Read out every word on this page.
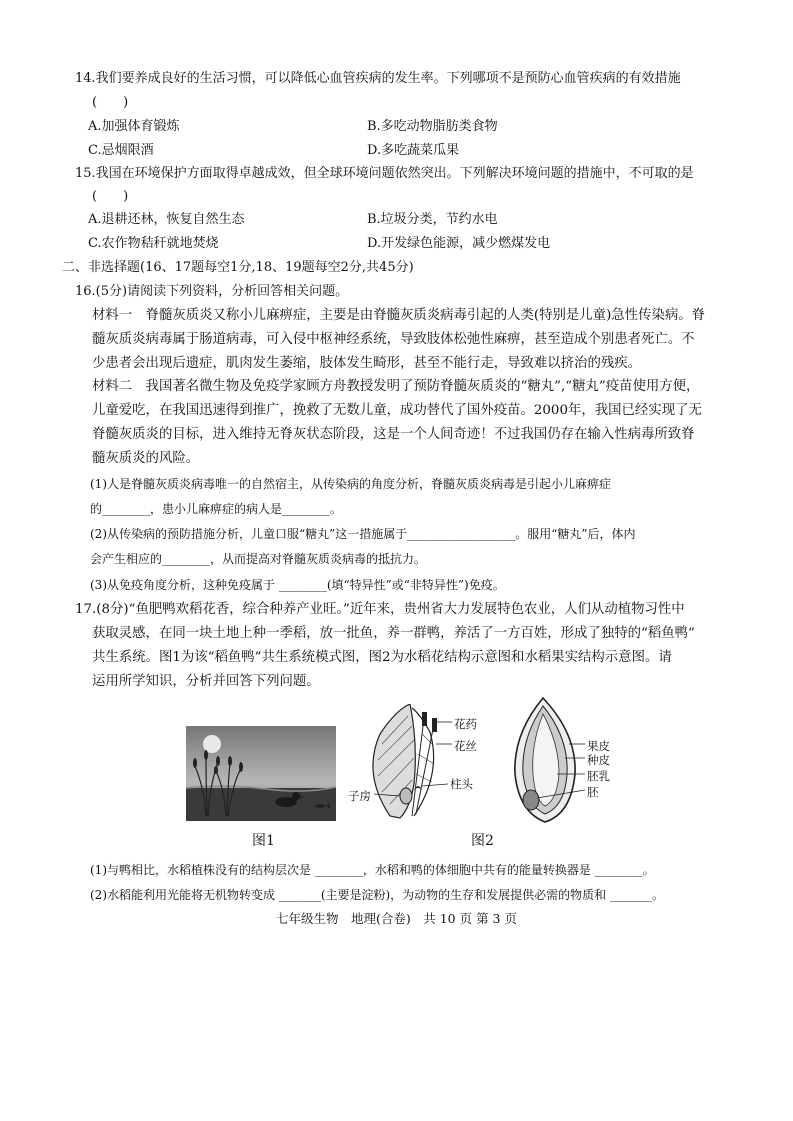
14.我们要养成良好的生活习惯，可以降低心血管疾病的发生率。下列哪项不是预防心血管疾病的有效措施
(　　)
A.加强体育锻炼	B.多吃动物脂肪类食物
C.忌烟限酒	D.多吃蔬菜瓜果
15.我国在环境保护方面取得卓越成效，但全球环境问题依然突出。下列解决环境问题的措施中，不可取的是
(　　)
A.退耕还林，恢复自然生态	B.垃圾分类，节约水电
C.农作物秸秆就地焚烧	D.开发绿色能源，减少燃煤发电
二、非选择题(16、17题每空1分,18、19题每空2分,共45分)
16.(5分)请阅读下列资料，分析回答相关问题。
材料一　脊髓灰质炎又称小儿麻痹症，主要是由脊髓灰质炎病毒引起的人类(特别是儿童)急性传染病。脊
髓灰质炎病毒属于肠道病毒，可入侵中枢神经系统，导致肢体松弛性麻痹，甚至造成个别患者死亡。不
少患者会出现后遗症，肌肉发生萎缩，肢体发生畸形，甚至不能行走，导致难以挤治的残疾。
材料二　我国著名微生物及免疫学家顾方舟教授发明了预防脊髓灰质炎的“糖丸”,“糖丸”疫苗使用方便，
儿童爱吃，在我国迅速得到推广，挽救了无数儿童，成功替代了国外疫苗。2000年，我国已经实现了无
脊髓灰质炎的目标，进入维持无脊灰状态阶段，这是一个人间奇迹！不过我国仍存在输入性病毒所致脊
髓灰质炎的风险。
(1)人是脊髓灰质炎病毒唯一的自然宿主，从传染病的角度分析，脊髓灰质炎病毒是引起小儿麻痹症
的________，患小儿麻痹症的病人是________。
(2)从传染病的预防措施分析，儿童口服“糖丸”这一措施属于__________________。服用“糖丸”后，体内
会产生相应的________，从而提高对脊髓灰质炎病毒的抵抗力。
(3)从免疫角度分析，这种免疫属于 ________(填“特异性”或“非特异性”)免疫。
17.(8分)“鱼肥鸭欢稻花香，综合种养产业旺。”近年来，贵州省大力发展特色农业，人们从动植物习性中
获取灵感，在同一块土地上种一季稻，放一批鱼，养一群鸭，养活了一方百姓，形成了独特的“稻鱼鸭”
共生系统。图1为该“稻鱼鸭”共生系统模式图，图2为水稻花结构示意图和水稻果实结构示意图。请
运用所学知识，分析并回答下列问题。
图1
花药
花丝
柱头
子房
果皮
种皮
胚乳
胚
图2
(1)与鸭相比，水稻植株没有的结构层次是 ________，水稻和鸭的体细胞中共有的能量转换器是 ________。
(2)水稻能利用光能将无机物转变成 _______(主要是淀粉)，为动物的生存和发展提供必需的物质和 _______。
七年级生物　地理(合卷)　共 10 页 第 3 页
